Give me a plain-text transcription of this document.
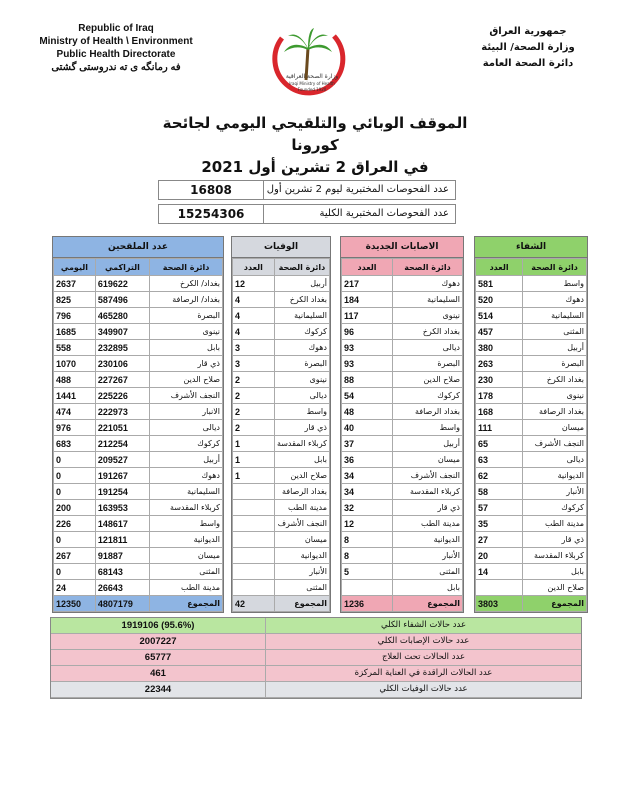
Republic of Iraq
Ministry of Health \ Environment
Public Health Directorate
فه رمانگه ی ته ندروستی گشتی
وزارة الصحة العراقية
Iraqi Ministry of Health
Founded 1920
جمهورية العراق
وزارة الصحة/ البيئة
دائرة الصحة العامة
الموقف الوبائي والتلقيحي اليومي لجائحة كورونا
في العراق 2 تشرين أول 2021
16808	عدد الفحوصات المختبرية ليوم 2 تشرين أول
15254306	عدد الفحوصات المختبرية الكلية
الشفاء
العدد	دائرة الصحة
581	واسط
520	دهوك
514	السليمانية
457	المثنى
380	أربيل
263	البصرة
230	بغداد الكرخ
178	نينوى
168	بغداد الرصافة
111	ميسان
65	النجف الأشرف
63	ديالى
62	الديوانية
58	الأنبار
57	كركوك
35	مدينة الطب
27	ذي قار
20	كربلاء المقدسة
14	بابل
	صلاح الدين
3803	المجموع
الاصابات الجديدة
العدد	دائرة الصحة
217	دهوك
184	السليمانية
117	نينوى
96	بغداد الكرخ
93	ديالى
93	البصرة
88	صلاح الدين
54	كركوك
48	بغداد الرصافة
40	واسط
37	أربيل
36	ميسان
34	النجف الأشرف
34	كربلاء المقدسة
32	ذي قار
12	مدينة الطب
8	الديوانية
8	الأنبار
5	المثنى
	بابل
1236	المجموع
الوفيات
العدد	دائرة الصحة
12	أربيل
4	بغداد الكرخ
4	السليمانية
4	كركوك
3	دهوك
3	البصرة
2	نينوى
2	ديالى
2	واسط
2	ذي قار
1	كربلاء المقدسة
1	بابل
1	صلاح الدين
	بغداد الرصافة
	مدينة الطب
	النجف الأشرف
	ميسان
	الديوانية
	الأنبار
	المثنى
42	المجموع
عدد الملقحين
اليومي	التراكمي	دائرة الصحة
2637	619622	بغداد/ الكرخ
825	587496	بغداد/ الرصافة
796	465280	البصرة
1685	349907	نينوى
558	232895	بابل
1070	230106	ذي قار
488	227267	صلاح الدين
1441	225226	النجف الأشرف
474	222973	الانبار
976	221051	ديالى
683	212254	كركوك
0	209527	أربيل
0	191267	دهوك
0	191254	السليمانية
200	163953	كربلاء المقدسة
226	148617	واسط
0	121811	الديوانية
267	91887	ميسان
0	68143	المثنى
24	26643	مدينة الطب
12350	4807179	المجموع
1919106 (95.6%)	عدد حالات الشفاء الكلي
2007227	عدد حالات الإصابات الكلي
65777	عدد الحالات تحت العلاج
461	عدد الحالات الراقدة في العناية المركزة
22344	عدد حالات الوفيات الكلي
